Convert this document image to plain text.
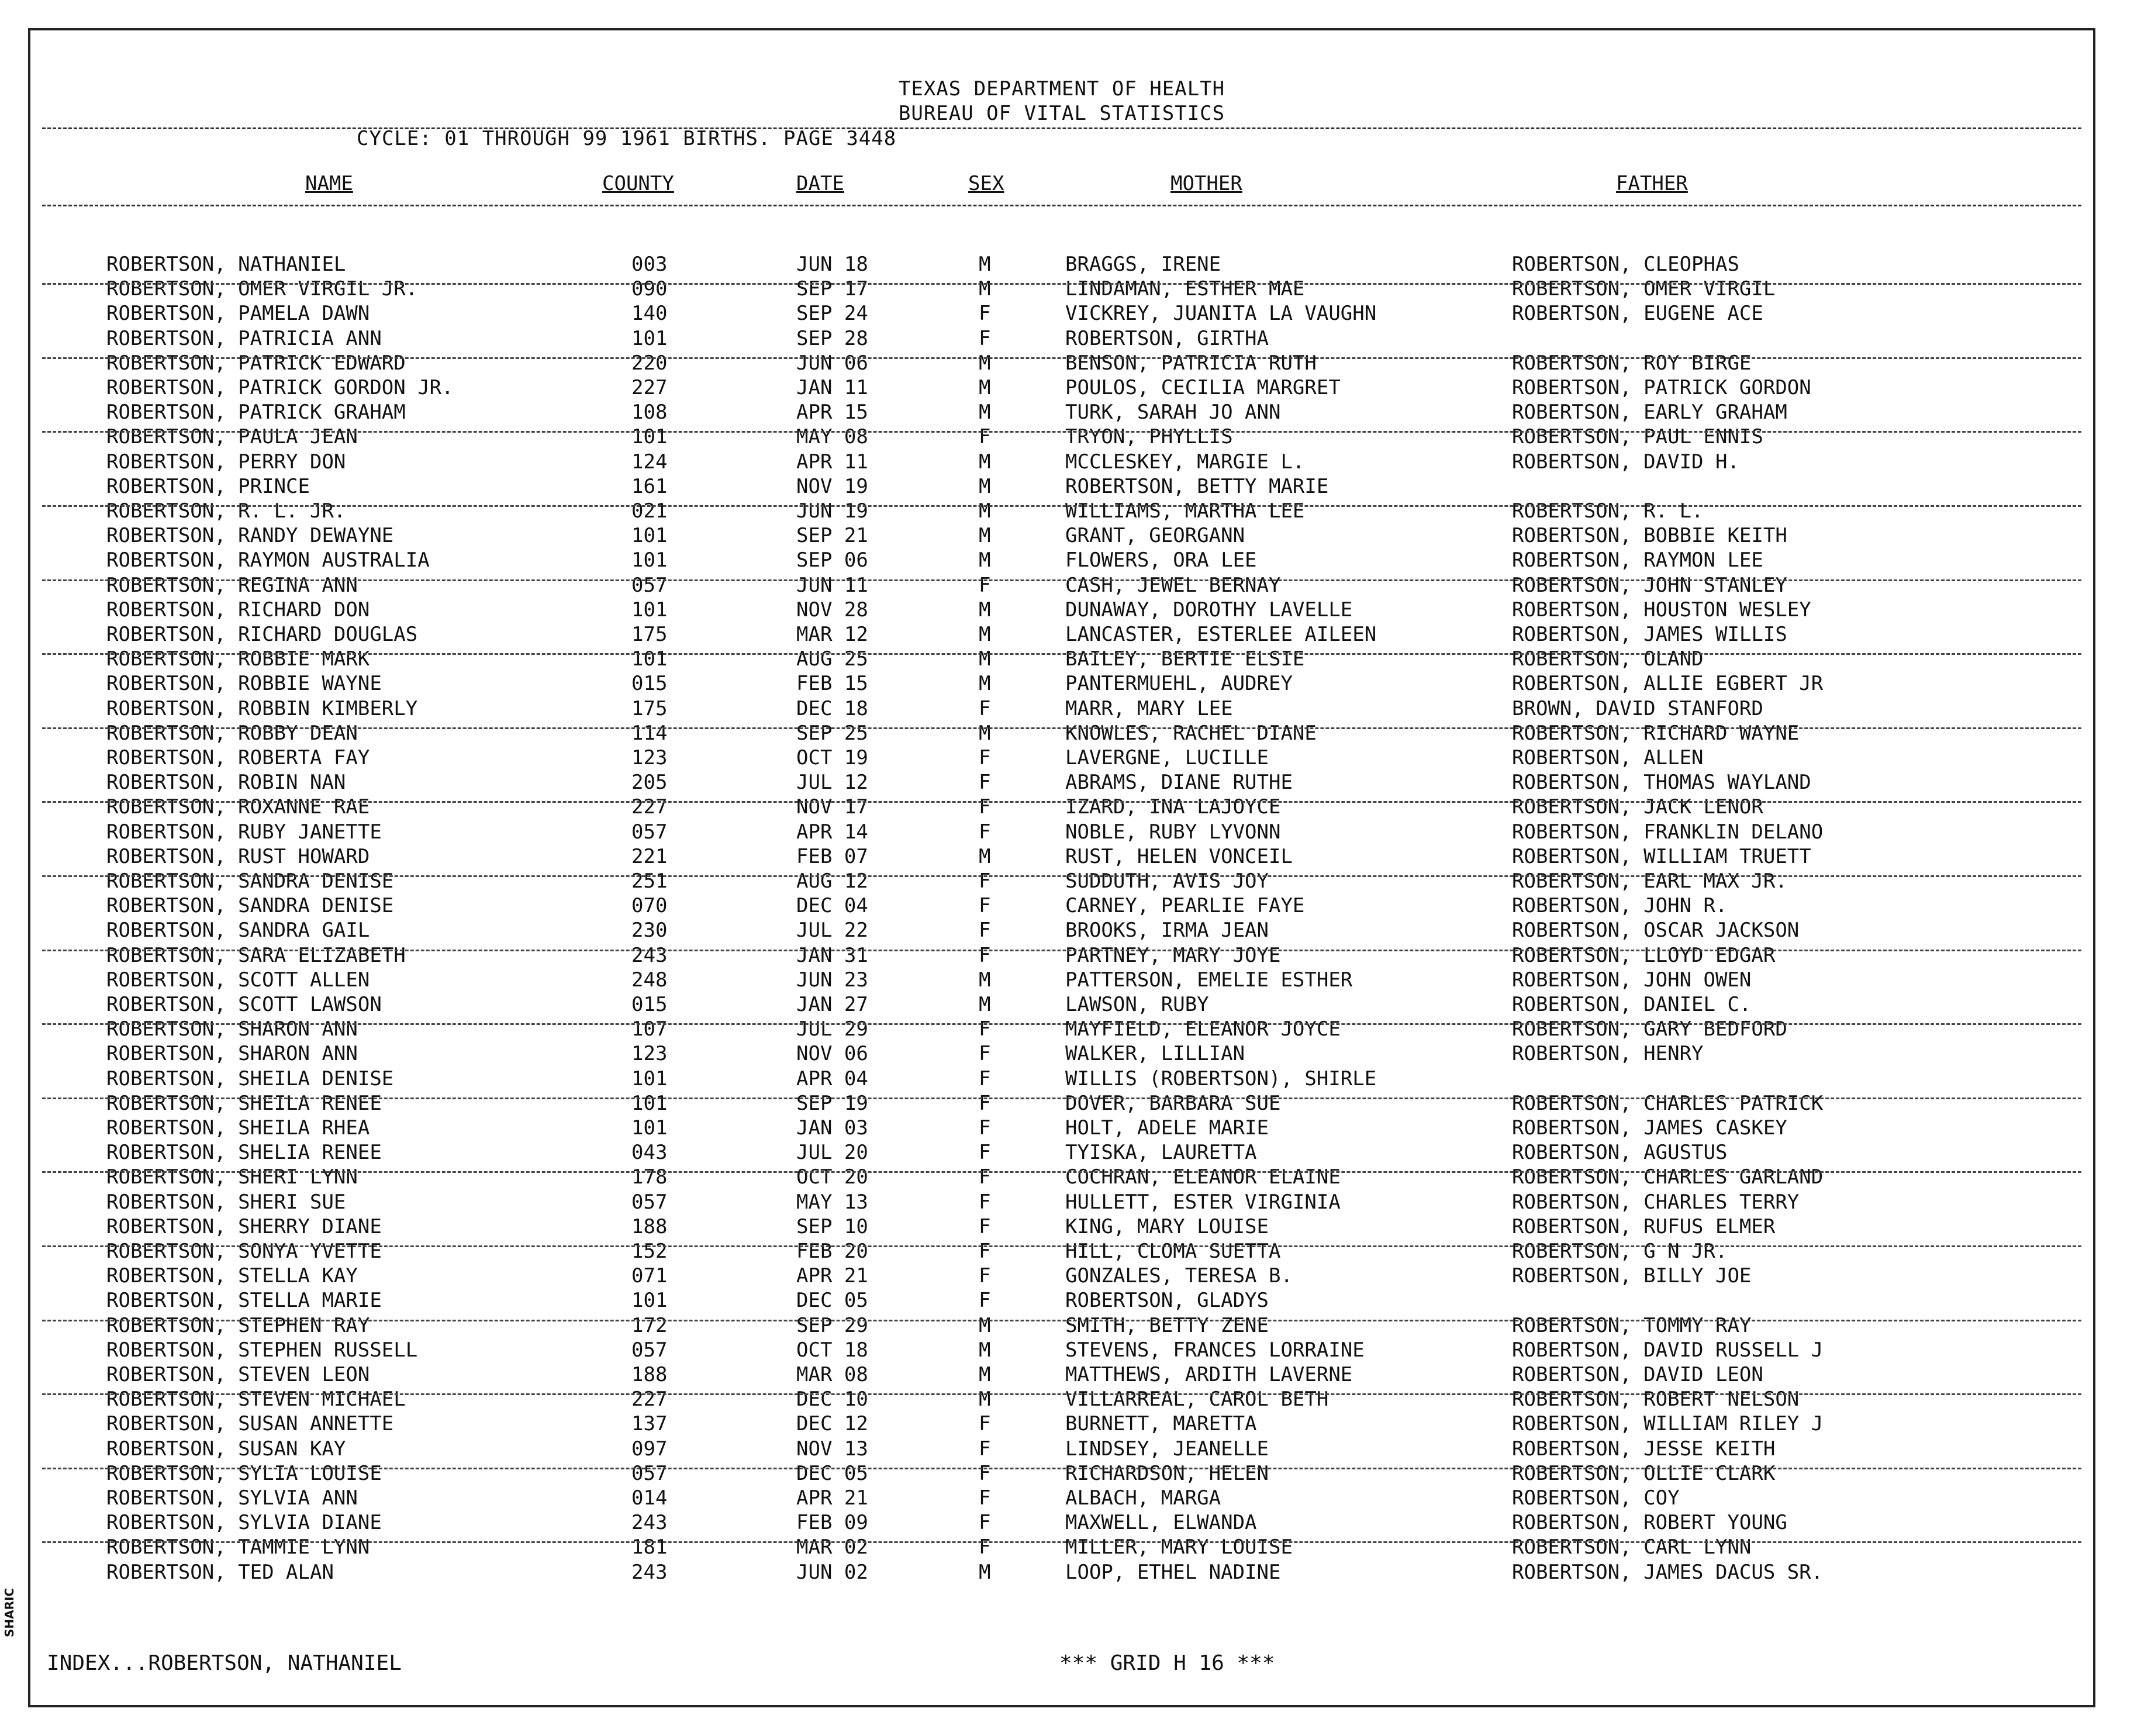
TEXAS DEPARTMENT OF HEALTH
BUREAU OF VITAL STATISTICS
CYCLE: 01 THROUGH 99 1961 BIRTHS. PAGE 3448
NAME	COUNTY	DATE	SEX	MOTHER	FATHER
ROBERTSON, NATHANIEL	003	JUN 18	M	BRAGGS, IRENE	ROBERTSON, CLEOPHAS
ROBERTSON, OMER VIRGIL JR.	090	SEP 17	M	LINDAMAN, ESTHER MAE	ROBERTSON, OMER VIRGIL
ROBERTSON, PAMELA DAWN	140	SEP 24	F	VICKREY, JUANITA LA VAUGHN	ROBERTSON, EUGENE ACE
ROBERTSON, PATRICIA ANN	101	SEP 28	F	ROBERTSON, GIRTHA
ROBERTSON, PATRICK EDWARD	220	JUN 06	M	BENSON, PATRICIA RUTH	ROBERTSON, ROY BIRGE
ROBERTSON, PATRICK GORDON JR.	227	JAN 11	M	POULOS, CECILIA MARGRET	ROBERTSON, PATRICK GORDON
ROBERTSON, PATRICK GRAHAM	108	APR 15	M	TURK, SARAH JO ANN	ROBERTSON, EARLY GRAHAM
ROBERTSON, PAULA JEAN	101	MAY 08	F	TRYON, PHYLLIS	ROBERTSON, PAUL ENNIS
ROBERTSON, PERRY DON	124	APR 11	M	MCCLESKEY, MARGIE L.	ROBERTSON, DAVID H.
ROBERTSON, PRINCE	161	NOV 19	M	ROBERTSON, BETTY MARIE
ROBERTSON, R. L. JR.	021	JUN 19	M	WILLIAMS, MARTHA LEE	ROBERTSON, R. L.
ROBERTSON, RANDY DEWAYNE	101	SEP 21	M	GRANT, GEORGANN	ROBERTSON, BOBBIE KEITH
ROBERTSON, RAYMON AUSTRALIA	101	SEP 06	M	FLOWERS, ORA LEE	ROBERTSON, RAYMON LEE
ROBERTSON, REGINA ANN	057	JUN 11	F	CASH, JEWEL BERNAY	ROBERTSON, JOHN STANLEY
ROBERTSON, RICHARD DON	101	NOV 28	M	DUNAWAY, DOROTHY LAVELLE	ROBERTSON, HOUSTON WESLEY
ROBERTSON, RICHARD DOUGLAS	175	MAR 12	M	LANCASTER, ESTERLEE AILEEN	ROBERTSON, JAMES WILLIS
ROBERTSON, ROBBIE MARK	101	AUG 25	M	BAILEY, BERTIE ELSIE	ROBERTSON, OLAND
ROBERTSON, ROBBIE WAYNE	015	FEB 15	M	PANTERMUEHL, AUDREY	ROBERTSON, ALLIE EGBERT JR
ROBERTSON, ROBBIN KIMBERLY	175	DEC 18	F	MARR, MARY LEE	BROWN, DAVID STANFORD
ROBERTSON, ROBBY DEAN	114	SEP 25	M	KNOWLES, RACHEL DIANE	ROBERTSON, RICHARD WAYNE
ROBERTSON, ROBERTA FAY	123	OCT 19	F	LAVERGNE, LUCILLE	ROBERTSON, ALLEN
ROBERTSON, ROBIN NAN	205	JUL 12	F	ABRAMS, DIANE RUTHE	ROBERTSON, THOMAS WAYLAND
ROBERTSON, ROXANNE RAE	227	NOV 17	F	IZARD, INA LAJOYCE	ROBERTSON, JACK LENOR
ROBERTSON, RUBY JANETTE	057	APR 14	F	NOBLE, RUBY LYVONN	ROBERTSON, FRANKLIN DELANO
ROBERTSON, RUST HOWARD	221	FEB 07	M	RUST, HELEN VONCEIL	ROBERTSON, WILLIAM TRUETT
ROBERTSON, SANDRA DENISE	251	AUG 12	F	SUDDUTH, AVIS JOY	ROBERTSON, EARL MAX JR.
ROBERTSON, SANDRA DENISE	070	DEC 04	F	CARNEY, PEARLIE FAYE	ROBERTSON, JOHN R.
ROBERTSON, SANDRA GAIL	230	JUL 22	F	BROOKS, IRMA JEAN	ROBERTSON, OSCAR JACKSON
ROBERTSON, SARA ELIZABETH	243	JAN 31	F	PARTNEY, MARY JOYE	ROBERTSON, LLOYD EDGAR
ROBERTSON, SCOTT ALLEN	248	JUN 23	M	PATTERSON, EMELIE ESTHER	ROBERTSON, JOHN OWEN
ROBERTSON, SCOTT LAWSON	015	JAN 27	M	LAWSON, RUBY	ROBERTSON, DANIEL C.
ROBERTSON, SHARON ANN	107	JUL 29	F	MAYFIELD, ELEANOR JOYCE	ROBERTSON, GARY BEDFORD
ROBERTSON, SHARON ANN	123	NOV 06	F	WALKER, LILLIAN	ROBERTSON, HENRY
ROBERTSON, SHEILA DENISE	101	APR 04	F	WILLIS (ROBERTSON), SHIRLE
ROBERTSON, SHEILA RENEE	101	SEP 19	F	DOVER, BARBARA SUE	ROBERTSON, CHARLES PATRICK
ROBERTSON, SHEILA RHEA	101	JAN 03	F	HOLT, ADELE MARIE	ROBERTSON, JAMES CASKEY
ROBERTSON, SHELIA RENEE	043	JUL 20	F	TYISKA, LAURETTA	ROBERTSON, AGUSTUS
ROBERTSON, SHERI LYNN	178	OCT 20	F	COCHRAN, ELEANOR ELAINE	ROBERTSON, CHARLES GARLAND
ROBERTSON, SHERI SUE	057	MAY 13	F	HULLETT, ESTER VIRGINIA	ROBERTSON, CHARLES TERRY
ROBERTSON, SHERRY DIANE	188	SEP 10	F	KING, MARY LOUISE	ROBERTSON, RUFUS ELMER
ROBERTSON, SONYA YVETTE	152	FEB 20	F	HILL, CLOMA SUETTA	ROBERTSON, G N JR.
ROBERTSON, STELLA KAY	071	APR 21	F	GONZALES, TERESA B.	ROBERTSON, BILLY JOE
ROBERTSON, STELLA MARIE	101	DEC 05	F	ROBERTSON, GLADYS
ROBERTSON, STEPHEN RAY	172	SEP 29	M	SMITH, BETTY ZENE	ROBERTSON, TOMMY RAY
ROBERTSON, STEPHEN RUSSELL	057	OCT 18	M	STEVENS, FRANCES LORRAINE	ROBERTSON, DAVID RUSSELL J
ROBERTSON, STEVEN LEON	188	MAR 08	M	MATTHEWS, ARDITH LAVERNE	ROBERTSON, DAVID LEON
ROBERTSON, STEVEN MICHAEL	227	DEC 10	M	VILLARREAL, CAROL BETH	ROBERTSON, ROBERT NELSON
ROBERTSON, SUSAN ANNETTE	137	DEC 12	F	BURNETT, MARETTA	ROBERTSON, WILLIAM RILEY J
ROBERTSON, SUSAN KAY	097	NOV 13	F	LINDSEY, JEANELLE	ROBERTSON, JESSE KEITH
ROBERTSON, SYLIA LOUISE	057	DEC 05	F	RICHARDSON, HELEN	ROBERTSON, OLLIE CLARK
ROBERTSON, SYLVIA ANN	014	APR 21	F	ALBACH, MARGA	ROBERTSON, COY
ROBERTSON, SYLVIA DIANE	243	FEB 09	F	MAXWELL, ELWANDA	ROBERTSON, ROBERT YOUNG
ROBERTSON, TAMMIE LYNN	181	MAR 02	F	MILLER, MARY LOUISE	ROBERTSON, CARL LYNN
ROBERTSON, TED ALAN	243	JUN 02	M	LOOP, ETHEL NADINE	ROBERTSON, JAMES DACUS SR.
INDEX...ROBERTSON, NATHANIEL	*** GRID H 16 ***
SHARIC
